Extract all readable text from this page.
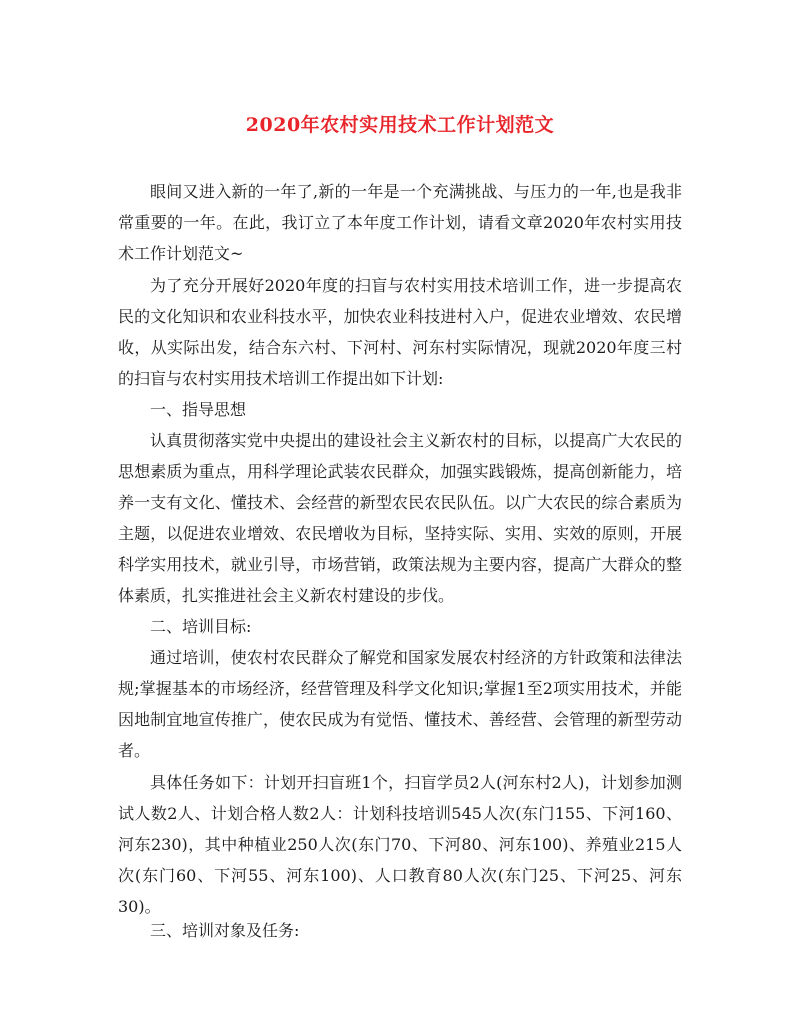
2020年农村实用技术工作计划范文

眼间又进入新的一年了,新的一年是一个充满挑战、与压力的一年,也是我非常重要的一年。在此，我订立了本年度工作计划，请看文章2020年农村实用技术工作计划范文~

为了充分开展好2020年度的扫盲与农村实用技术培训工作，进一步提高农民的文化知识和农业科技水平，加快农业科技进村入户，促进农业增效、农民增收，从实际出发，结合东六村、下河村、河东村实际情况，现就2020年度三村的扫盲与农村实用技术培训工作提出如下计划:

一、指导思想

认真贯彻落实党中央提出的建设社会主义新农村的目标，以提高广大农民的思想素质为重点，用科学理论武装农民群众，加强实践锻炼，提高创新能力，培养一支有文化、懂技术、会经营的新型农民农民队伍。以广大农民的综合素质为主题，以促进农业增效、农民增收为目标，坚持实际、实用、实效的原则，开展科学实用技术，就业引导，市场营销，政策法规为主要内容，提高广大群众的整体素质，扎实推进社会主义新农村建设的步伐。

二、培训目标:

通过培训，使农村农民群众了解党和国家发展农村经济的方针政策和法律法规;掌握基本的市场经济，经营管理及科学文化知识;掌握1至2项实用技术，并能因地制宜地宣传推广，使农民成为有觉悟、懂技术、善经营、会管理的新型劳动者。

具体任务如下：计划开扫盲班1个，扫盲学员2人(河东村2人)，计划参加测试人数2人、计划合格人数2人：计划科技培训545人次(东门155、下河160、河东230)，其中种植业250人次(东门70、下河80、河东100)、养殖业215人次(东门60、下河55、河东100)、人口教育80人次(东门25、下河25、河东30)。

三、培训对象及任务:
